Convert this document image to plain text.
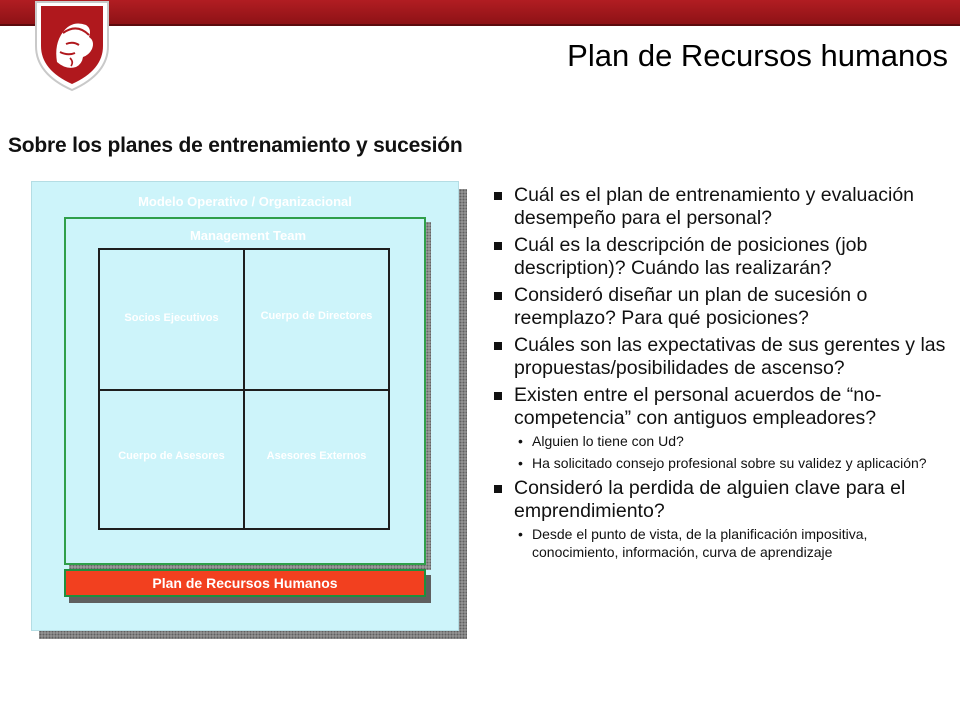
Plan de Recursos humanos
Sobre los planes de entrenamiento y sucesión
Modelo Operativo / Organizacional
Management Team
Socios Ejecutivos	Cuerpo de Directores
Cuerpo de Asesores	Asesores Externos
Plan de Recursos Humanos
Cuál es el plan de entrenamiento y evaluación desempeño para el personal?
Cuál es la descripción de posiciones (job description)? Cuándo las realizarán?
Consideró diseñar un plan de sucesión o reemplazo? Para qué posiciones?
Cuáles son las expectativas de sus gerentes y las propuestas/posibilidades de ascenso?
Existen entre el personal acuerdos de “no-competencia” con antiguos empleadores?
• Alguien lo tiene con Ud?
• Ha solicitado consejo profesional sobre su validez y aplicación?
Consideró la perdida de alguien clave para el emprendimiento?
• Desde el punto de vista, de la planificación impositiva, conocimiento, información, curva de aprendizaje
